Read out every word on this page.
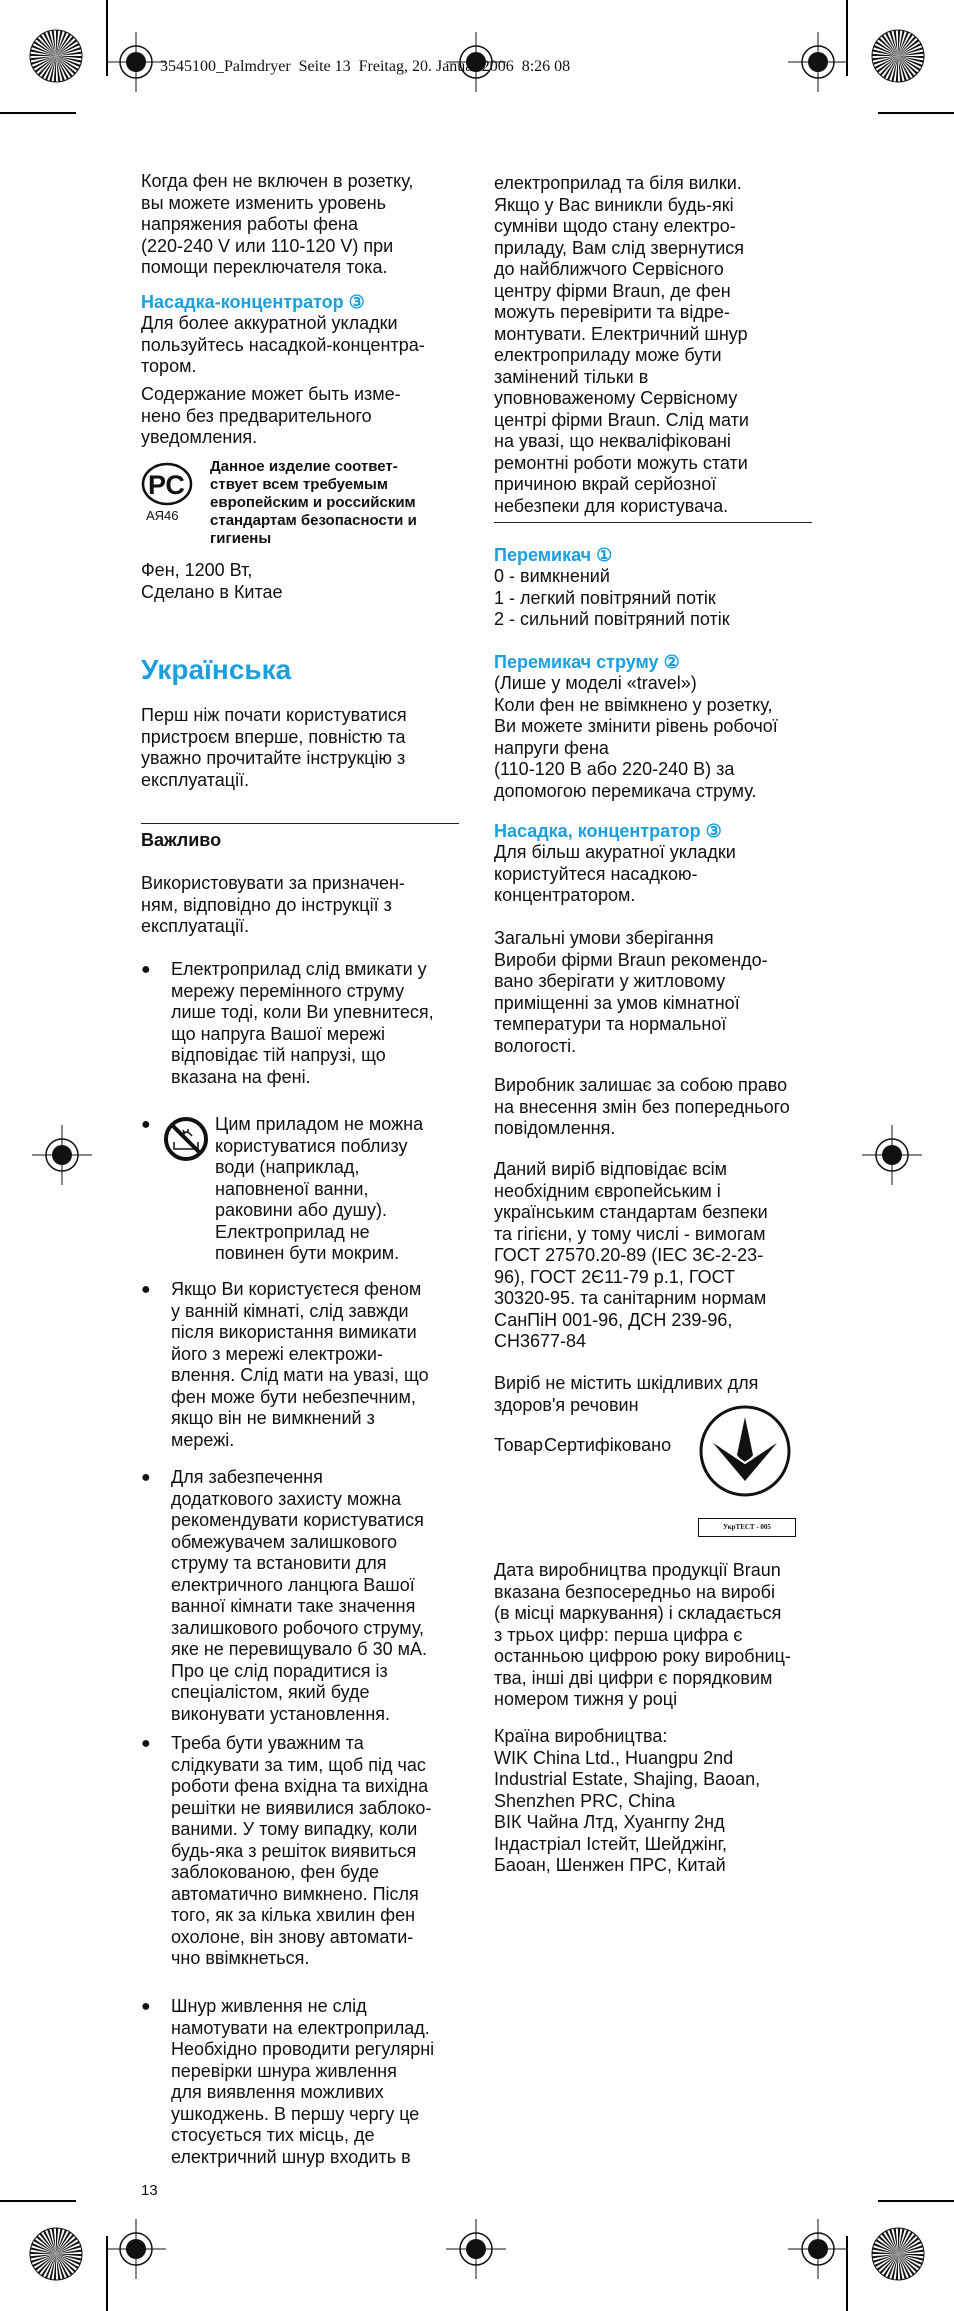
3545100_Palmdryer  Seite 13  Freitag, 20. Januar 2006  8:26 08
Когда фен не включен в розетку,
вы можете изменить уровень
напряжения работы фена
(220-240 V или 110-120 V) при
помощи переключателя тока.
Насадка-концентратор ③
Для более аккуратной укладки
пользуйтесь насадкой-концентра-
тором.
Содержание может быть изме-
нено без предварительного
уведомления.
РС
АЯ46
Данное изделие соответ-
ствует всем требуемым
европейским и российским
стандартам безопасности и
гигиены
Фен, 1200 Вт,
Сделано в Китае
Українська
Перш ніж почати користуватися
пристроєм вперше, повністю та
уважно прочитайте інструкцію з
експлуатації.
Важливо
Використовувати за призначен-
ням, відповідно до інструкції з
експлуатації.
● Електроприлад слід вмикати у
мережу перемінного струму
лише тоді, коли Ви упевнитеся,
що напруга Вашої мережі
відповідає тій напрузі, що
вказана на фені.
●	Цим приладом не можна
користуватися поблизу
води (наприклад,
наповненої ванни,
раковини або душу).
Електроприлад не
повинен бути мокрим.
● Якщо Ви користуєтеся феном
у ванній кімнаті, слід завжди
після використання вимикати
його з мережі електрожи-
влення. Слід мати на увазі, що
фен може бути небезпечним,
якщо він не вимкнений з
мережі.
● Для забезпечення
додаткового захисту можна
рекомендувати користуватися
обмежувачем залишкового
струму та встановити для
електричного ланцюга Вашої
ванної кімнати таке значення
залишкового робочого струму,
яке не перевищувало б 30 мА.
Про це слід порадитися із
спеціалістом, який буде
виконувати установлення.
● Треба бути уважним та
слідкувати за тим, щоб під час
роботи фена вхідна та вихідна
решітки не виявилися заблоко-
ваними. У тому випадку, коли
будь-яка з решіток виявиться
заблокованою, фен буде
автоматично вимкнено. Після
того, як за кілька хвилин фен
охолоне, він знову автомати-
чно ввімкнеться.
● Шнур живлення не слід
намотувати на електроприлад.
Необхідно проводити регулярні
перевірки шнура живлення
для виявлення можливих
ушкоджень. В першу чергу це
стосується тих місць, де
електричний шнур входить в
13
електроприлад та біля вилки.
Якщо у Вас виникли будь-які
сумніви щодо стану електро-
приладу, Вам слід звернутися
до найближчого Сервісного
центру фірми Braun, де фен
можуть перевірити та відре-
монтувати. Електричний шнур
електроприладу може бути
замінений тільки в
уповноваженому Сервісному
центрі фірми Braun. Слід мати
на увазі, що некваліфіковані
ремонтні роботи можуть стати
причиною вкрай серйозної
небезпеки для користувача.
Перемикач ①
0 - вимкнений
1 - легкий повітряний потік
2 - сильний повітряний потік
Перемикач струму ②
(Лише у моделі «travel»)
Коли фен не ввімкнено у розетку,
Ви можете змінити рівень робочої
напруги фена
(110-120 В або 220-240 В) за
допомогою перемикача струму.
Насадка, концентратор ③
Для більш акуратної укладки
користуйтеся насадкою-
концентратором.
Загальні умови зберігання
Вироби фірми Braun рекомендо-
вано зберігати у житловому
приміщенні за умов кімнатної
температури та нормальної
вологості.
Виробник залишає за собою право
на внесення змін без попереднього
повідомлення.
Даний виріб відповідає всім
необхідним європейським і
українським стандартам безпеки
та гігієни, у тому числі - вимогам
ГОСТ 27570.20-89 (IEC 3Є-2-23-
96), ГОСТ 2Є11-79 р.1, ГОСТ
30320-95. та санітарним нормам
СанПіН 001-96, ДСН 239-96,
СН3677-84
Виріб не містить шкідливих для
здоров'я речовин
Товар Сертифіковано
УкрТЕСТ - 005
Дата виробництва продукції Braun
вказана безпосередньо на виробі
(в місці маркування) і складається
з трьох цифр: перша цифра є
останньою цифрою року виробниц-
тва, інші дві цифри є порядковим
номером тижня у році
Країна виробництва:
WIK China Ltd., Huangpu 2nd
Industrial Estate, Shajing, Baoan,
Shenzhen PRC, China
ВІК Чайна Лтд, Хуангпу 2нд
Індастріал Істейт, Шейджінг,
Баоан, Шенжен ПРС, Китай
